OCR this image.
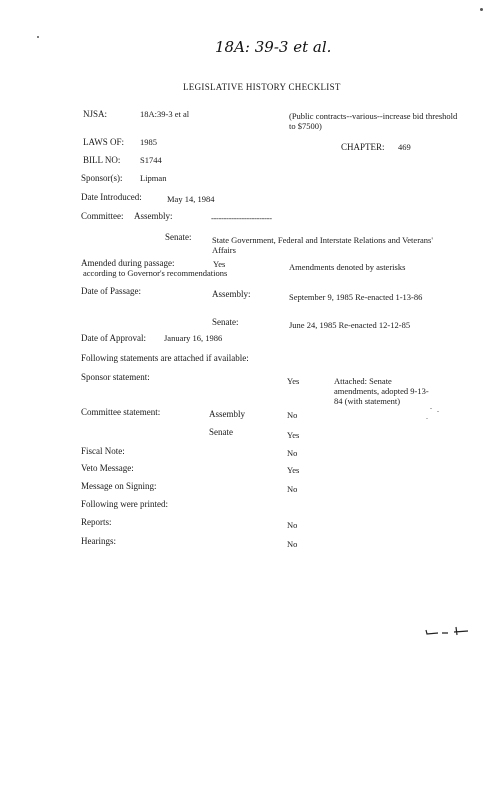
18A: 39-3 et al.
LEGISLATIVE HISTORY CHECKLIST
NJSA:	18A:39-3 et al	(Public contracts--various--increase bid threshold to $7500)
LAWS OF: 1985	CHAPTER: 469
BILL NO: S1744
Sponsor(s): Lipman
Date Introduced:	May 14, 1984
Committee: Assembly:	------------------------
Senate: State Government, Federal and Interstate Relations and Veterans' Affairs
Amended during passage:	Yes	Amendments denoted by asterisks
according to Governor's recommendations
Date of Passage:	Assembly:	September 9, 1985 Re-enacted 1-13-86
Senate:	June 24, 1985 Re-enacted 12-12-85
Date of Approval: January 16, 1986
Following statements are attached if available:
Sponsor statement:	Yes	Attached: Senate amendments, adopted 9-13-84 (with statement)
Committee statement:	Assembly	No
Senate	Yes
Fiscal Note:	No
Veto Message:	Yes
Message on Signing:	No
Following were printed:
Reports:	No
Hearings:	No
